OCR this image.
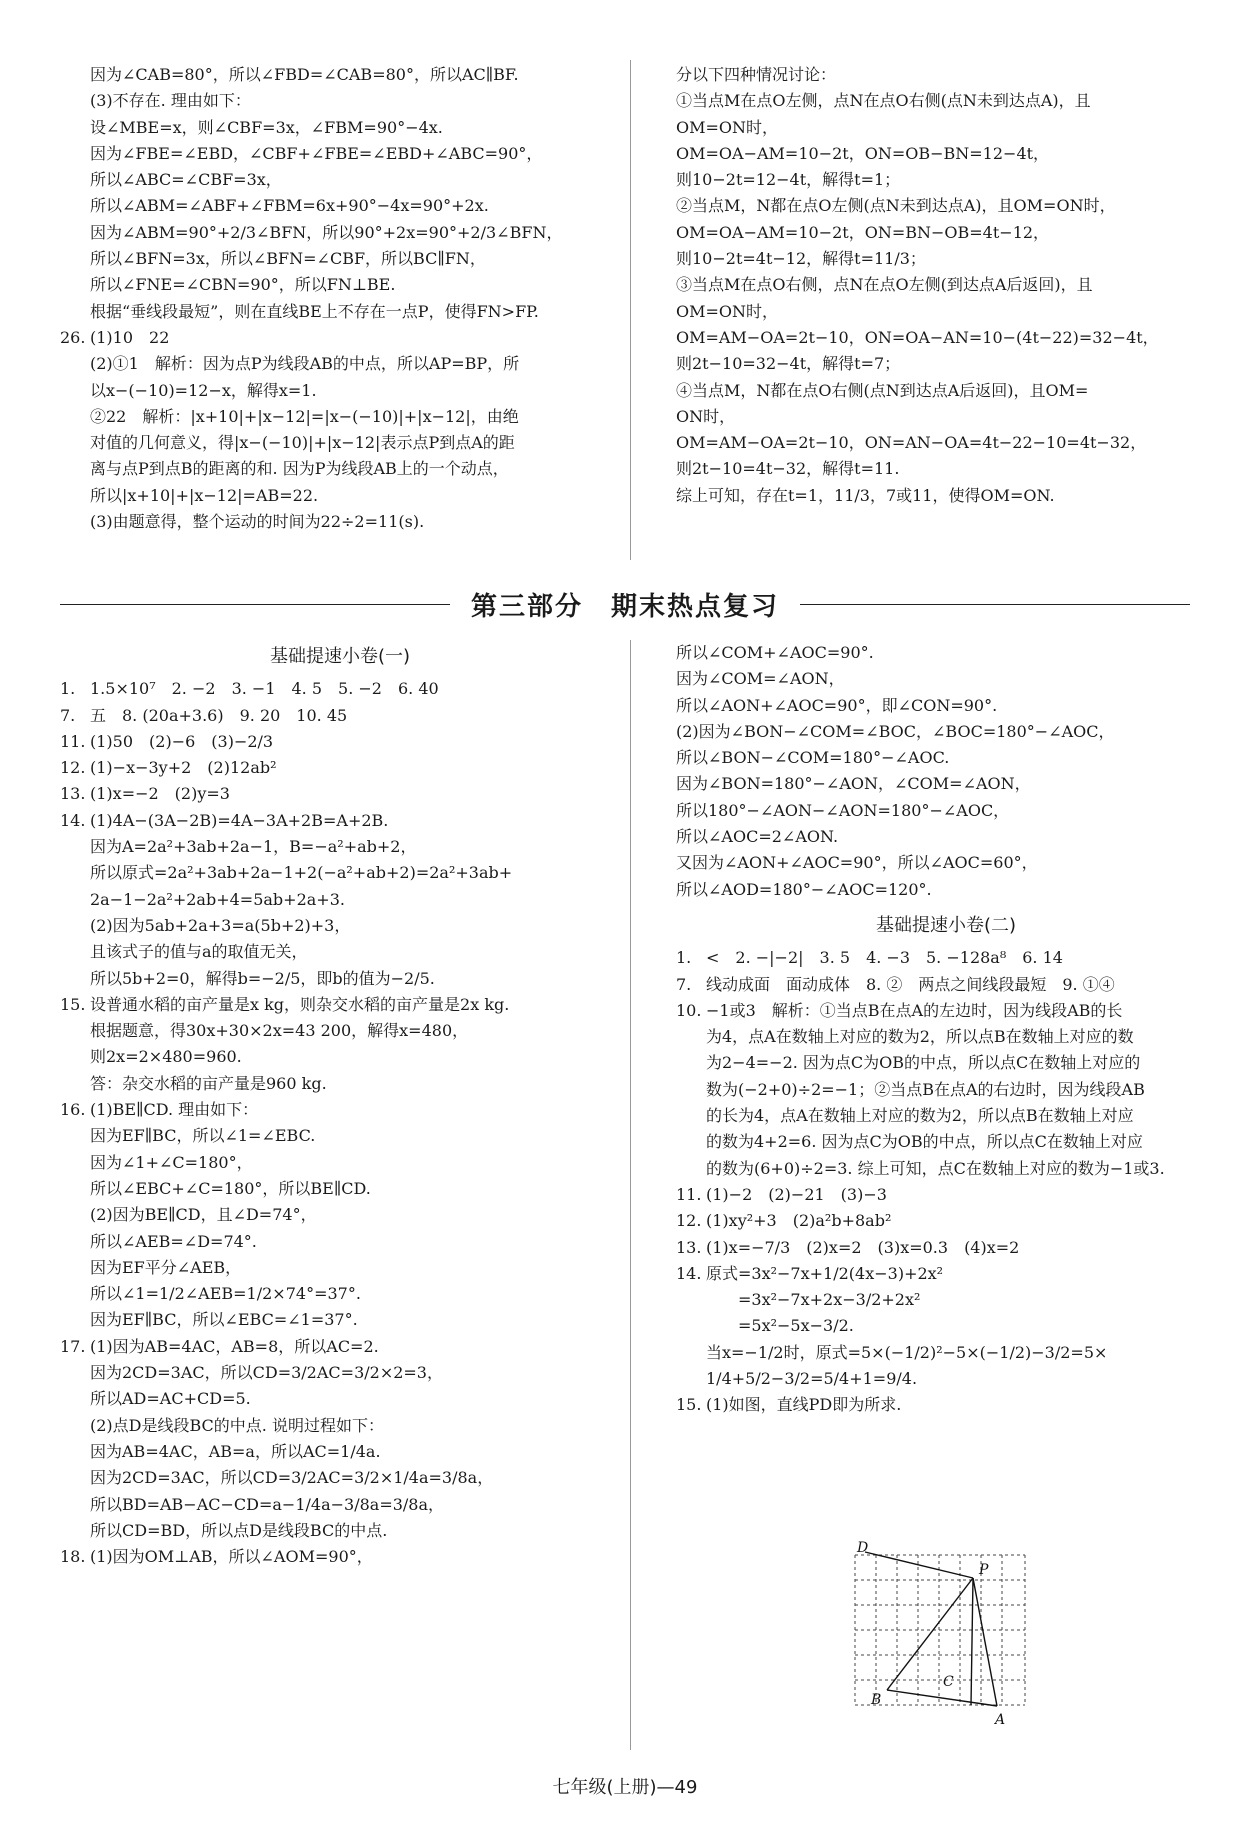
因为∠CAB=80°，所以∠FBD=∠CAB=80°，所以AC∥BF.
(3)不存在. 理由如下：
设∠MBE=x，则∠CBF=3x，∠FBM=90°−4x.
因为∠FBE=∠EBD，∠CBF+∠FBE=∠EBD+∠ABC=90°，
所以∠ABC=∠CBF=3x，
所以∠ABM=∠ABF+∠FBM=6x+90°−4x=90°+2x.
因为∠ABM=90°+2/3∠BFN，所以90°+2x=90°+2/3∠BFN，
所以∠BFN=3x，所以∠BFN=∠CBF，所以BC∥FN，
所以∠FNE=∠CBN=90°，所以FN⊥BE.
根据“垂线段最短”，则在直线BE上不存在一点P，使得FN>FP.
26. (1)10　22
(2)①1　解析：因为点P为线段AB的中点，所以AP=BP，所
以x−(−10)=12−x，解得x=1.
②22　解析：|x+10|+|x−12|=|x−(−10)|+|x−12|，由绝
对值的几何意义，得|x−(−10)|+|x−12|表示点P到点A的距
离与点P到点B的距离的和. 因为P为线段AB上的一个动点，
所以|x+10|+|x−12|=AB=22.
(3)由题意得，整个运动的时间为22÷2=11(s).
分以下四种情况讨论：
①当点M在点O左侧，点N在点O右侧(点N未到达点A)，且
OM=ON时，
OM=OA−AM=10−2t，ON=OB−BN=12−4t，
则10−2t=12−4t，解得t=1；
②当点M，N都在点O左侧(点N未到达点A)，且OM=ON时，
OM=OA−AM=10−2t，ON=BN−OB=4t−12，
则10−2t=4t−12，解得t=11/3；
③当点M在点O右侧，点N在点O左侧(到达点A后返回)，且
OM=ON时，
OM=AM−OA=2t−10，ON=OA−AN=10−(4t−22)=32−4t，
则2t−10=32−4t，解得t=7；
④当点M，N都在点O右侧(点N到达点A后返回)，且OM=
ON时，
OM=AM−OA=2t−10，ON=AN−OA=4t−22−10=4t−32，
则2t−10=4t−32，解得t=11.
综上可知，存在t=1，11/3，7或11，使得OM=ON.
第三部分　期末热点复习
基础提速小卷(一)
1. 1.5×10⁷　2. −2　3. −1　4. 5　5. −2　6. 40
7. 五　8. (20a+3.6)　9. 20　10. 45
11. (1)50　(2)−6　(3)−2/3
12. (1)−x−3y+2　(2)12ab²
13. (1)x=−2　(2)y=3
14. (1)4A−(3A−2B)=4A−3A+2B=A+2B.
因为A=2a²+3ab+2a−1，B=−a²+ab+2，
所以原式=2a²+3ab+2a−1+2(−a²+ab+2)=2a²+3ab+
2a−1−2a²+2ab+4=5ab+2a+3.
(2)因为5ab+2a+3=a(5b+2)+3，
且该式子的值与a的取值无关，
所以5b+2=0，解得b=−2/5，即b的值为−2/5.
15. 设普通水稻的亩产量是x kg，则杂交水稻的亩产量是2x kg.
根据题意，得30x+30×2x=43 200，解得x=480，
则2x=2×480=960.
答：杂交水稻的亩产量是960 kg.
16. (1)BE∥CD. 理由如下：
因为EF∥BC，所以∠1=∠EBC.
因为∠1+∠C=180°，
所以∠EBC+∠C=180°，所以BE∥CD.
(2)因为BE∥CD，且∠D=74°，
所以∠AEB=∠D=74°.
因为EF平分∠AEB，
所以∠1=1/2∠AEB=1/2×74°=37°.
因为EF∥BC，所以∠EBC=∠1=37°.
17. (1)因为AB=4AC，AB=8，所以AC=2.
因为2CD=3AC，所以CD=3/2AC=3/2×2=3，
所以AD=AC+CD=5.
(2)点D是线段BC的中点. 说明过程如下：
因为AB=4AC，AB=a，所以AC=1/4a.
因为2CD=3AC，所以CD=3/2AC=3/2×1/4a=3/8a，
所以BD=AB−AC−CD=a−1/4a−3/8a=3/8a，
所以CD=BD，所以点D是线段BC的中点.
18. (1)因为OM⊥AB，所以∠AOM=90°，
所以∠COM+∠AOC=90°.
因为∠COM=∠AON，
所以∠AON+∠AOC=90°，即∠CON=90°.
(2)因为∠BON−∠COM=∠BOC，∠BOC=180°−∠AOC，
所以∠BON−∠COM=180°−∠AOC.
因为∠BON=180°−∠AON，∠COM=∠AON，
所以180°−∠AON−∠AON=180°−∠AOC，
所以∠AOC=2∠AON.
又因为∠AON+∠AOC=90°，所以∠AOC=60°，
所以∠AOD=180°−∠AOC=120°.
基础提速小卷(二)
1. <　2. −|−2|　3. 5　4. −3　5. −128a⁸　6. 14
7. 线动成面　面动成体　8. ②　两点之间线段最短　9. ①④
10. −1或3　解析：①当点B在点A的左边时，因为线段AB的长
为4，点A在数轴上对应的数为2，所以点B在数轴上对应的数
为2−4=−2. 因为点C为OB的中点，所以点C在数轴上对应的
数为(−2+0)÷2=−1；②当点B在点A的右边时，因为线段AB
的长为4，点A在数轴上对应的数为2，所以点B在数轴上对应
的数为4+2=6. 因为点C为OB的中点，所以点C在数轴上对应
的数为(6+0)÷2=3. 综上可知，点C在数轴上对应的数为−1或3.
11. (1)−2　(2)−21　(3)−3
12. (1)xy²+3　(2)a²b+8ab²
13. (1)x=−7/3　(2)x=2　(3)x=0.3　(4)x=2
14. 原式=3x²−7x+1/2(4x−3)+2x²
　　=3x²−7x+2x−3/2+2x²
　　=5x²−5x−3/2.
当x=−1/2时，原式=5×(−1/2)²−5×(−1/2)−3/2=5×
1/4+5/2−3/2=5/4+1=9/4.
15. (1)如图，直线PD即为所求.
D
P
C
B
A
七年级(上册)—49
